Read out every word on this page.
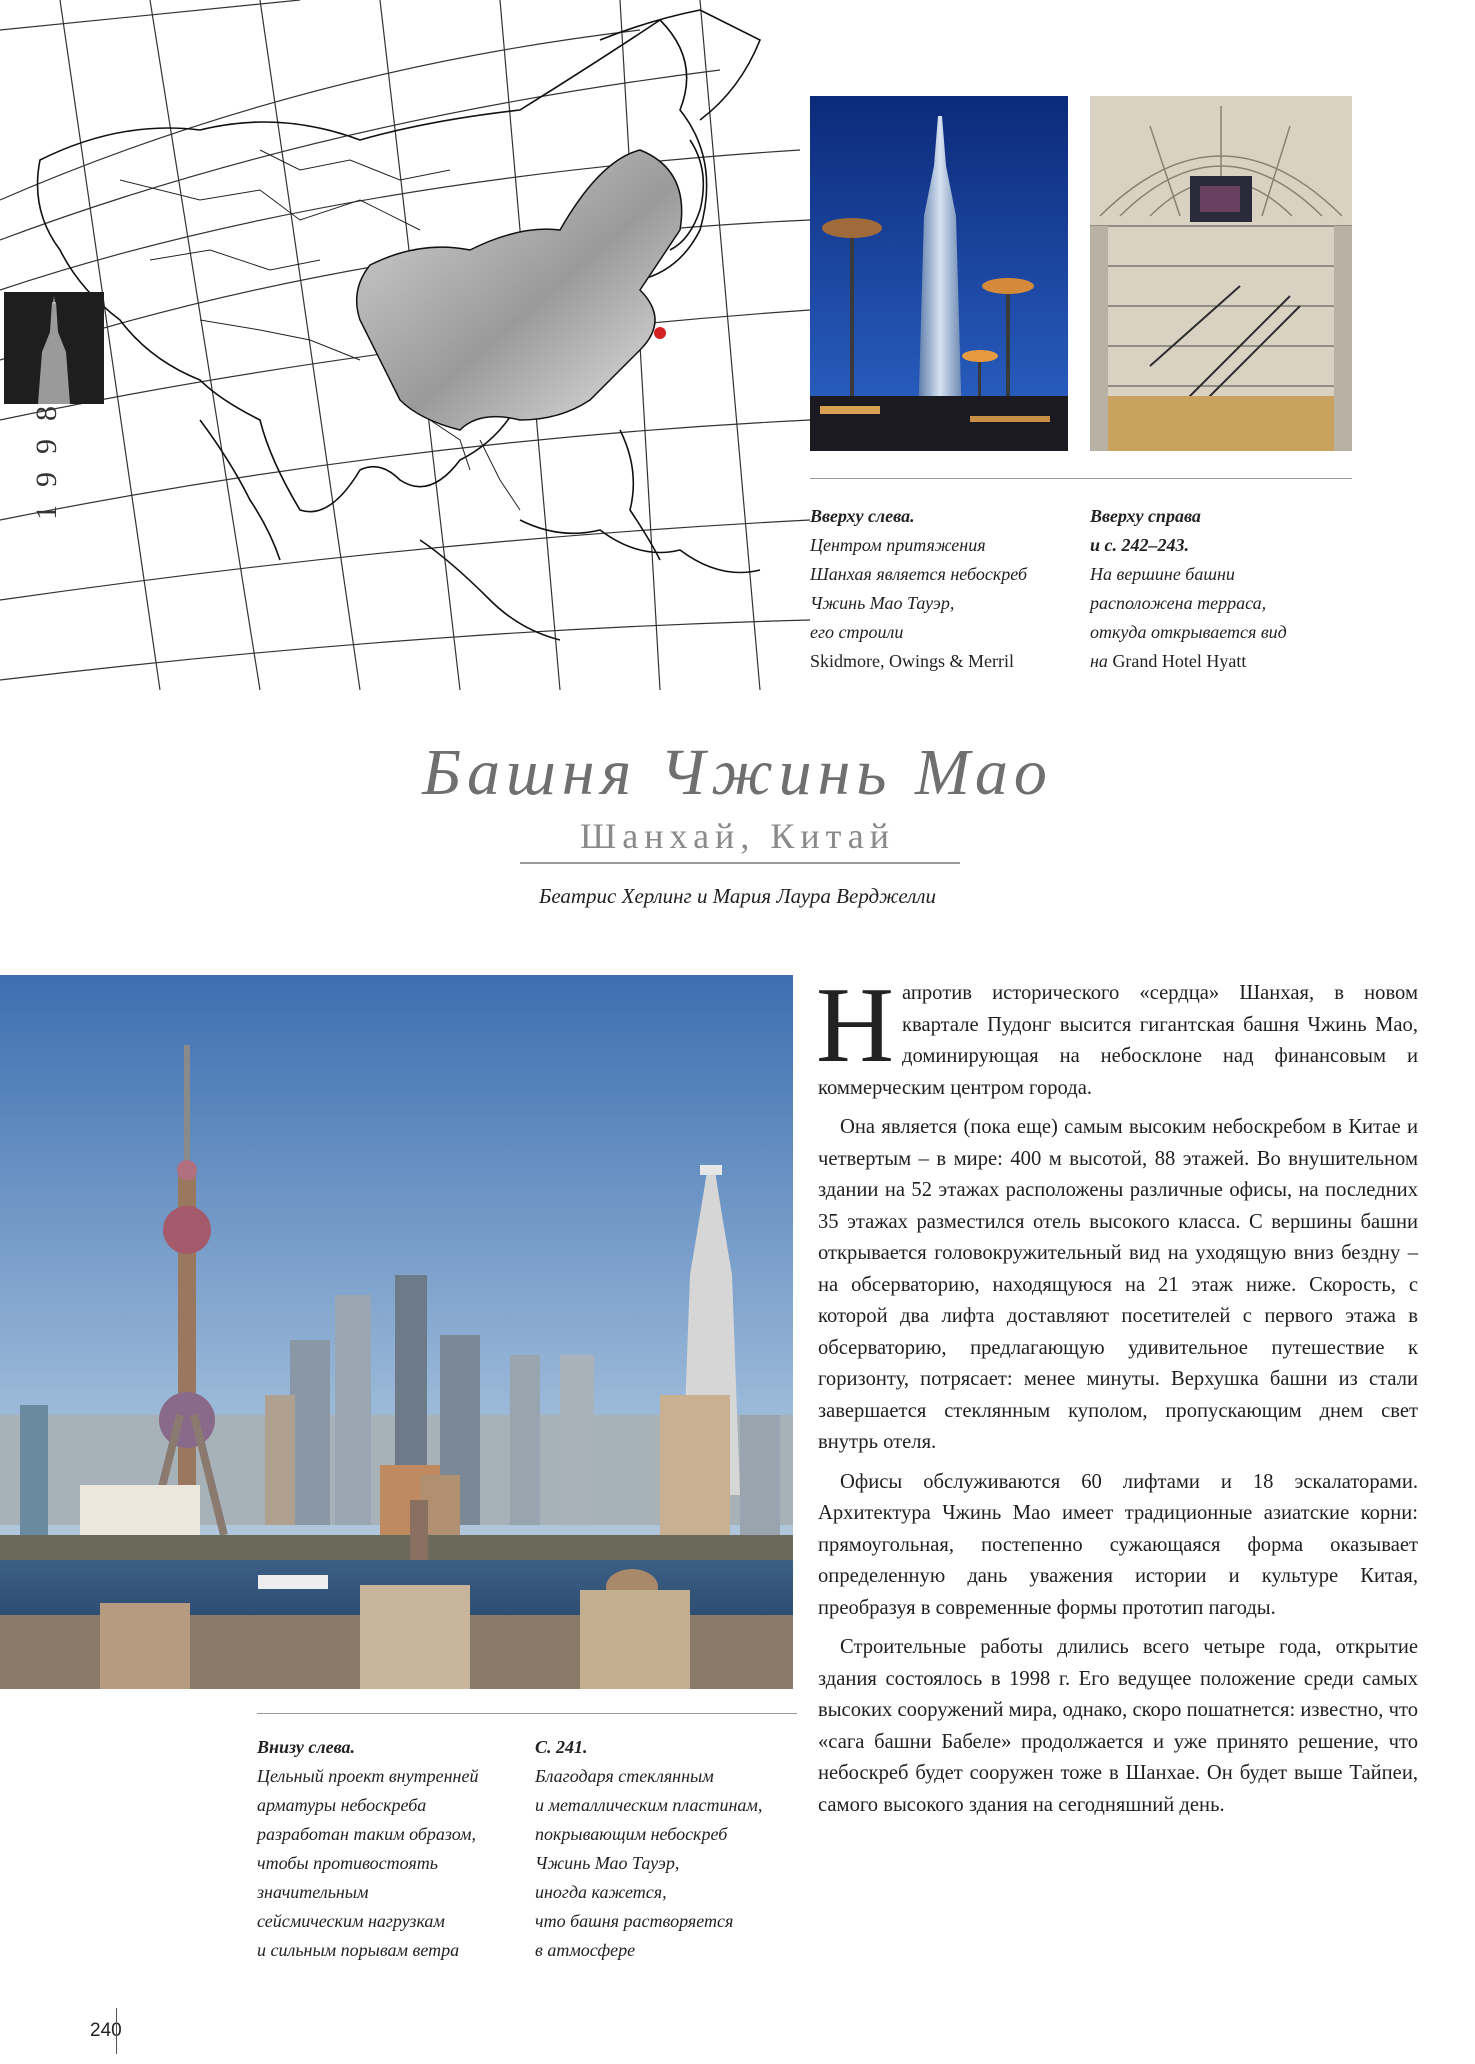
1998	Вверху слева.
Центром притяжения
Шанхая является небоскреб
Чжинь Мао Тауэр,
его строили
Skidmore, Owings & Merril
Вверху справа
и с. 242–243.
На вершине башни
расположена терраса,
откуда открывается вид
на Grand Hotel Hyatt
Башня Чжинь Мао
Шанхай, Китай
Беатрис Херлинг и Мария Лаура Верджелли
Внизу слева.
Цельный проект внутренней
арматуры небоскреба
разработан таким образом,
чтобы противостоять
значительным
сейсмическим нагрузкам
и сильным порывам ветра
С. 241.
Благодаря стеклянным
и металлическим пластинам,
покрывающим небоскреб
Чжинь Мао Тауэр,
иногда кажется,
что башня растворяется
в атмосфере

Напротив исторического «сердца» Шанхая, в новом квартале Пудонг высится гигантская башня Чжинь Мао, доминирующая на небосклоне над финансовым и коммерческим центром города.

Она является (пока еще) самым высоким небоскребом в Китае и четвертым – в мире: 400 м высотой, 88 этажей. Во внушительном здании на 52 этажах расположены различные офисы, на последних 35 этажах разместился отель высокого класса. С вершины башни открывается головокружительный вид на уходящую вниз бездну – на обсерваторию, находящуюся на 21 этаж ниже. Скорость, с которой два лифта доставляют посетителей с первого этажа в обсерваторию, предлагающую удивительное путешествие к горизонту, потрясает: менее минуты. Верхушка башни из стали завершается стеклянным куполом, пропускающим днем свет внутрь отеля.

Офисы обслуживаются 60 лифтами и 18 эскалаторами. Архитектура Чжинь Мао имеет традиционные азиатские корни: прямоугольная, постепенно сужающаяся форма оказывает определенную дань уважения истории и культуре Китая, преобразуя в современные формы прототип пагоды.

Строительные работы длились всего четыре года, открытие здания состоялось в 1998 г. Его ведущее положение среди самых высоких сооружений мира, однако, скоро пошатнется: известно, что «сага башни Бабеле» продолжается и уже принято решение, что небоскреб будет сооружен тоже в Шанхае. Он будет выше Тайпеи, самого высокого здания на сегодняшний день.

240
